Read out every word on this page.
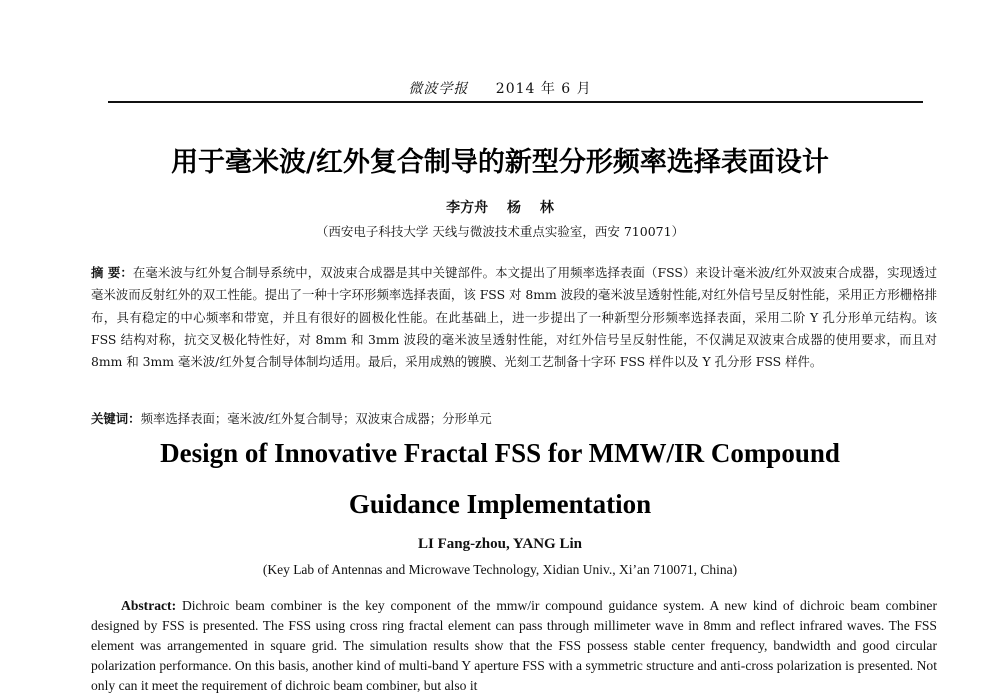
微波学报 2014 年 6 月
用于毫米波/红外复合制导的新型分形频率选择表面设计
李方舟 杨 林
（西安电子科技大学 天线与微波技术重点实验室，西安 710071）
摘 要：在毫米波与红外复合制导系统中，双波束合成器是其中关键部件。本文提出了用频率选择表面（FSS）来设计毫米波/红外双波束合成器，实现透过毫米波而反射红外的双工性能。提出了一种十字环形频率选择表面，该 FSS 对 8mm 波段的毫米波呈透射性能,对红外信号呈反射性能，采用正方形栅格排布，具有稳定的中心频率和带宽，并且有很好的圆极化性能。在此基础上，进一步提出了一种新型分形频率选择表面，采用二阶 Y 孔分形单元结构。该 FSS 结构对称，抗交叉极化特性好，对 8mm 和 3mm 波段的毫米波呈透射性能，对红外信号呈反射性能，不仅满足双波束合成器的使用要求，而且对 8mm 和 3mm 毫米波/红外复合制导体制均适用。最后，采用成熟的镀膜、光刻工艺制备十字环 FSS 样件以及 Y 孔分形 FSS 样件。
关键词：频率选择表面；毫米波/红外复合制导；双波束合成器；分形单元
Design of Innovative Fractal FSS for MMW/IR Compound
Guidance Implementation
LI Fang-zhou, YANG Lin
(Key Lab of Antennas and Microwave Technology, Xidian Univ., Xi’an 710071, China)
Abstract: Dichroic beam combiner is the key component of the mmw/ir compound guidance system. A new kind of dichroic beam combiner designed by FSS is presented. The FSS using cross ring fractal element can pass through millimeter wave in 8mm and reflect infrared waves. The FSS element was arrangemented in square grid. The simulation results show that the FSS possess stable center frequency, bandwidth and good circular polarization performance. On this basis, another kind of multi-band Y aperture FSS with a symmetric structure and anti-cross polarization is presented. Not only can it meet the requirement of dichroic beam combiner, but also it
